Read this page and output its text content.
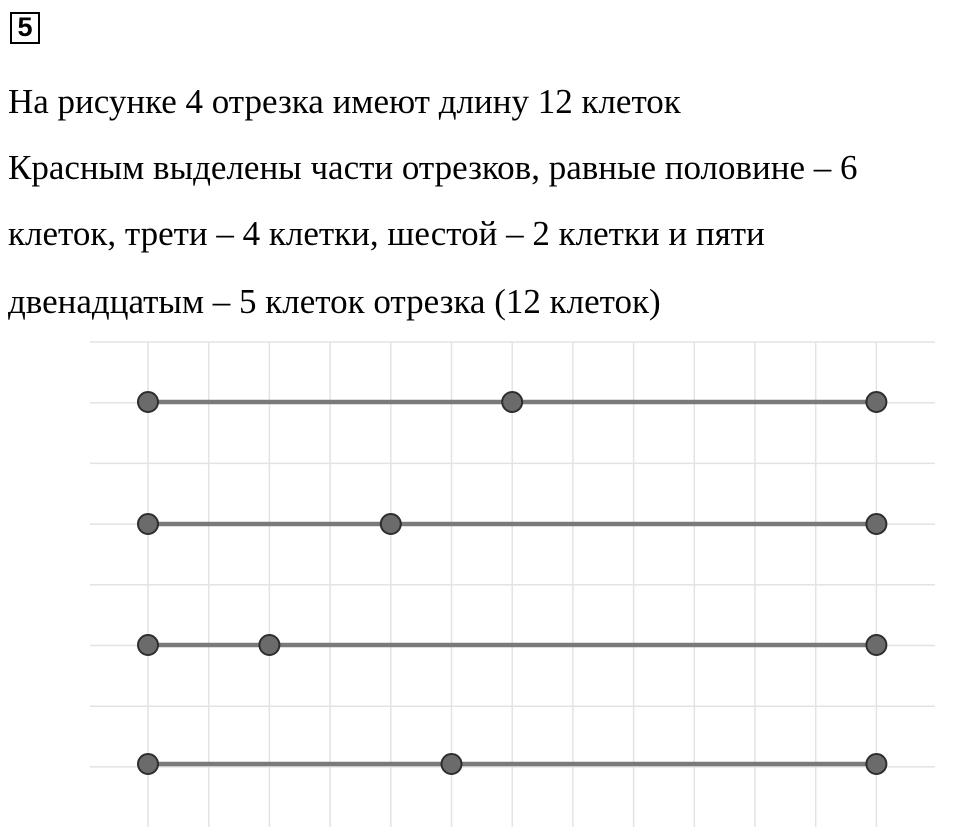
5
На рисунке 4 отрезка имеют длину 12 клеток
Красным выделены части отрезков, равные половине – 6
клеток, трети – 4 клетки, шестой – 2 клетки и пяти
двенадцатым – 5 клеток отрезка (12 клеток)
